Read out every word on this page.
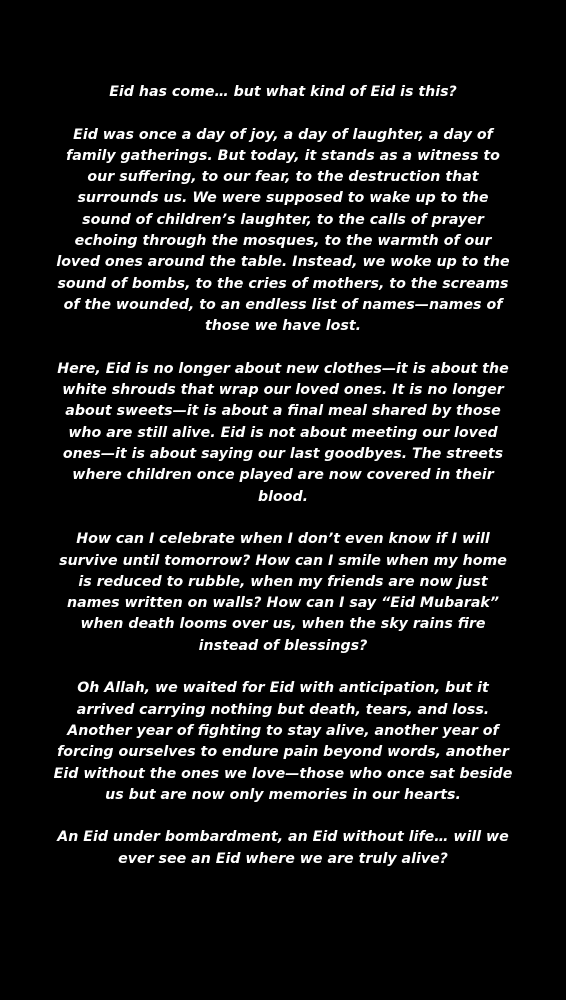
Eid has come… but what kind of Eid is this?

Eid was once a day of joy, a day of laughter, a day of family gatherings. But today, it stands as a witness to our suffering, to our fear, to the destruction that surrounds us. We were supposed to wake up to the sound of children’s laughter, to the calls of prayer echoing through the mosques, to the warmth of our loved ones around the table. Instead, we woke up to the sound of bombs, to the cries of mothers, to the screams of the wounded, to an endless list of names—names of those we have lost.

Here, Eid is no longer about new clothes—it is about the white shrouds that wrap our loved ones. It is no longer about sweets—it is about a final meal shared by those who are still alive. Eid is not about meeting our loved ones—it is about saying our last goodbyes. The streets where children once played are now covered in their blood.

How can I celebrate when I don’t even know if I will survive until tomorrow? How can I smile when my home is reduced to rubble, when my friends are now just names written on walls? How can I say “Eid Mubarak” when death looms over us, when the sky rains fire instead of blessings?

Oh Allah, we waited for Eid with anticipation, but it arrived carrying nothing but death, tears, and loss. Another year of fighting to stay alive, another year of forcing ourselves to endure pain beyond words, another Eid without the ones we love—those who once sat beside us but are now only memories in our hearts.

An Eid under bombardment, an Eid without life… will we ever see an Eid where we are truly alive?
